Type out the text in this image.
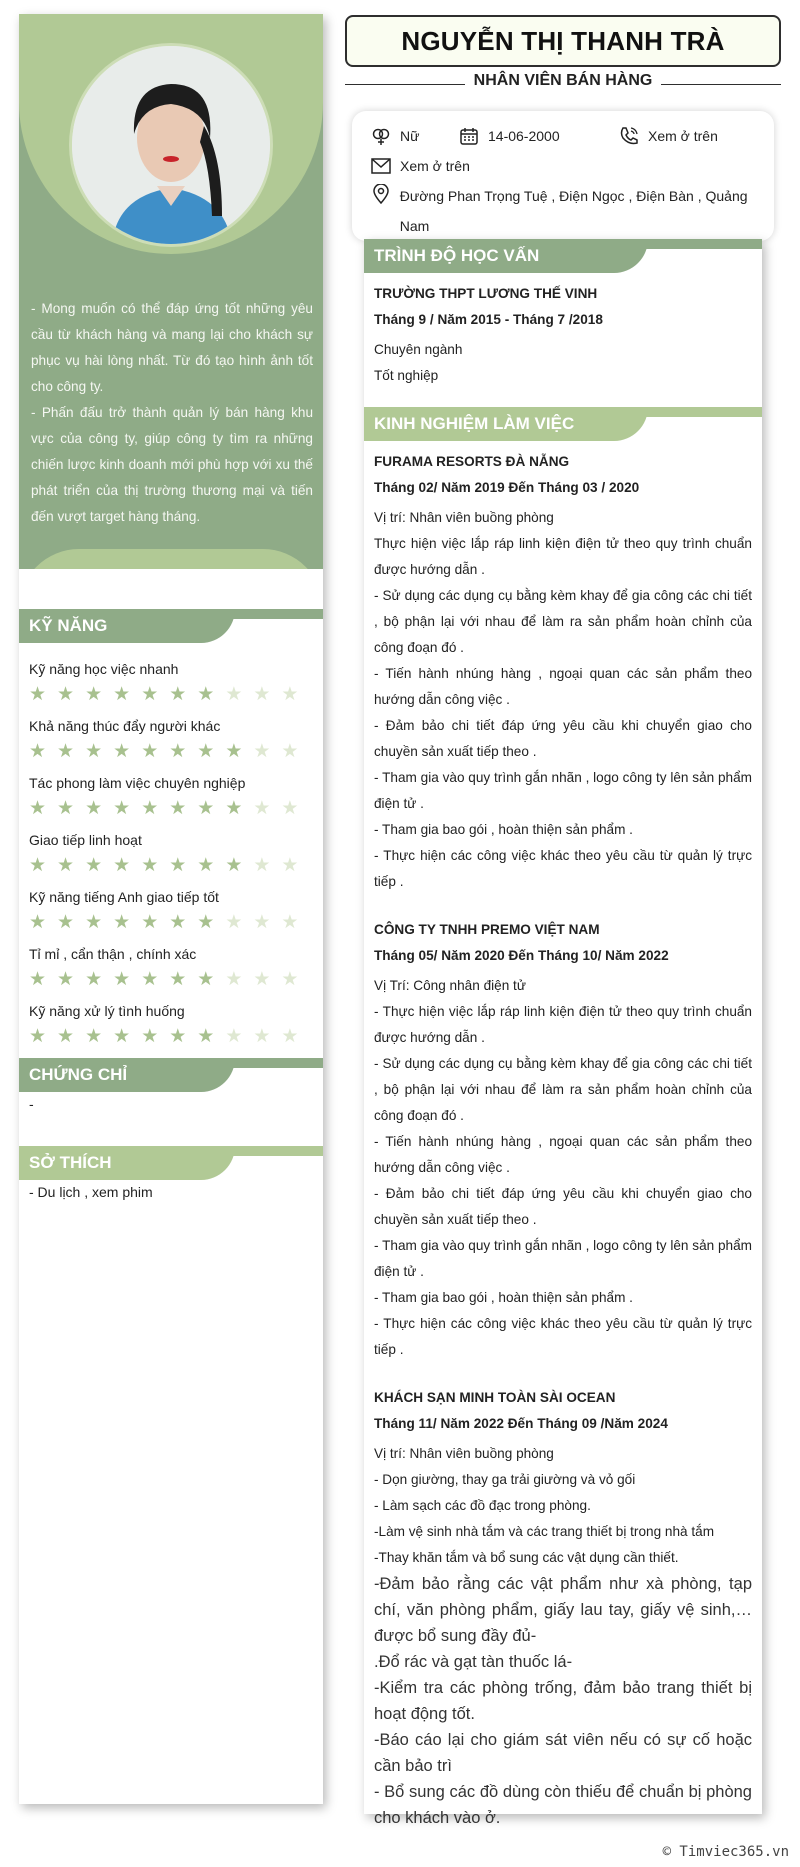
- Mong muốn có thể đáp ứng tốt những yêu cầu từ khách hàng và mang lại cho khách sự phục vụ hài lòng nhất. Từ đó tạo hình ảnh tốt cho công ty.

- Phấn đấu trở thành quản lý bán hàng khu vực của công ty, giúp công ty tìm ra những chiến lược kinh doanh mới phù hợp với xu thế phát triển của thị trường thương mại và tiến đến vượt target hàng tháng.

KỸ NĂNG
Kỹ năng học việc nhanh
★ ★ ★ ★ ★ ★ ★ ★ ★ ★
Khả năng thúc đẩy người khác
★ ★ ★ ★ ★ ★ ★ ★ ★ ★
Tác phong làm việc chuyên nghiệp
★ ★ ★ ★ ★ ★ ★ ★ ★ ★
Giao tiếp linh hoạt
★ ★ ★ ★ ★ ★ ★ ★ ★ ★
Kỹ năng tiếng Anh giao tiếp tốt
★ ★ ★ ★ ★ ★ ★ ★ ★ ★
Tỉ mỉ , cẩn thận , chính xác
★ ★ ★ ★ ★ ★ ★ ★ ★ ★
Kỹ năng xử lý tình huống
★ ★ ★ ★ ★ ★ ★ ★ ★ ★
CHỨNG CHỈ
-
SỞ THÍCH
- Du lịch , xem phim
NGUYỄN THỊ THANH TRÀ
NHÂN VIÊN BÁN HÀNG
Nữ	14-06-2000	Xem ở trên
Xem ở trên
Đường Phan Trọng Tuệ , Điện Ngọc , Điện Bàn , Quảng Nam
TRÌNH ĐỘ HỌC VẤN
TRƯỜNG THPT LƯƠNG THẾ VINH
Tháng 9 / Năm 2015 - Tháng 7 /2018
Chuyên ngành
Tốt nghiệp
KINH NGHIỆM LÀM VIỆC
FURAMA RESORTS ĐÀ NẴNG
Tháng 02/ Năm 2019 Đến Tháng 03 / 2020
Vị trí: Nhân viên buồng phòng
Thực hiện việc lắp ráp linh kiện điện tử theo quy trình chuẩn được hướng dẫn .
- Sử dụng các dụng cụ bằng kèm khay để gia công các chi tiết , bộ phận lại với nhau để làm ra sản phẩm hoàn chỉnh của công đoạn đó .
- Tiến hành nhúng hàng , ngoại quan các sản phẩm theo hướng dẫn công việc .
- Đảm bảo chi tiết đáp ứng yêu cầu khi chuyển giao cho chuyền sản xuất tiếp theo .
- Tham gia vào quy trình gắn nhãn , logo công ty lên sản phẩm điện tử .
- Tham gia bao gói , hoàn thiện sản phẩm .
- Thực hiện các công việc khác theo yêu cầu từ quản lý trực tiếp .
CÔNG TY TNHH PREMO VIỆT NAM
Tháng 05/ Năm 2020 Đến Tháng 10/ Năm 2022
Vị Trí: Công nhân điện tử
- Thực hiện việc lắp ráp linh kiện điện tử theo quy trình chuẩn được hướng dẫn .
- Sử dụng các dụng cụ bằng kèm khay để gia công các chi tiết , bộ phận lại với nhau để làm ra sản phẩm hoàn chỉnh của công đoạn đó .
- Tiến hành nhúng hàng , ngoại quan các sản phẩm theo hướng dẫn công việc .
- Đảm bảo chi tiết đáp ứng yêu cầu khi chuyển giao cho chuyền sản xuất tiếp theo .
- Tham gia vào quy trình gắn nhãn , logo công ty lên sản phẩm điện tử .
- Tham gia bao gói , hoàn thiện sản phẩm .
- Thực hiện các công việc khác theo yêu cầu từ quản lý trực tiếp .
KHÁCH SẠN MINH TOÀN SÀI OCEAN
Tháng 11/ Năm 2022 Đến Tháng 09 /Năm 2024
Vị trí: Nhân viên buồng phòng
- Dọn giường, thay ga trải giường và vỏ gối
- Làm sạch các đồ đạc trong phòng.
-Làm vệ sinh nhà tắm và các trang thiết bị trong nhà tắm
-Thay khăn tắm và bổ sung các vật dụng cần thiết.
-Đảm bảo rằng các vật phẩm như xà phòng, tạp chí, văn phòng phẩm, giấy lau tay, giấy vệ sinh,… được bổ sung đầy đủ-
.Đổ rác và gạt tàn thuốc lá-
-Kiểm tra các phòng trống, đảm bảo trang thiết bị hoạt động tốt.
-Báo cáo lại cho giám sát viên nếu có sự cố hoặc cần bảo trì
- Bổ sung các đồ dùng còn thiếu để chuẩn bị phòng cho khách vào ở.
© Timviec365.vn
